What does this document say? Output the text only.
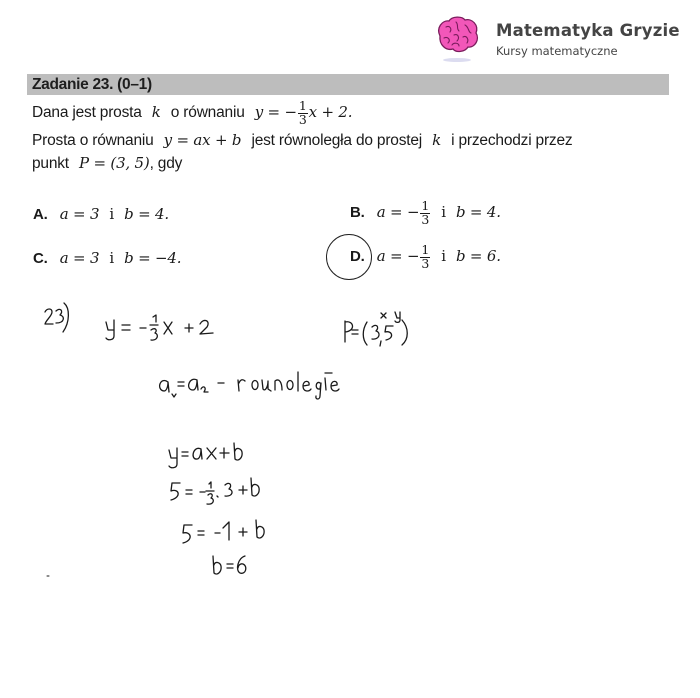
Matematyka Gryzie
Kursy matematyczne
Zadanie 23. (0–1)
Dana jest prosta k o równaniu y = − $\frac{1}{3}$ x + 2.
Prosta o równaniu y = ax + b jest równoległa do prostej k i przechodzi przez
punkt P = (3, 5), gdy
A. a = 3 i b = 4.	B. a = − $\frac{1}{3}$ i b = 4.
C. a = 3 i b = −4.	D. a = − $\frac{1}{3}$ i b = 6.
